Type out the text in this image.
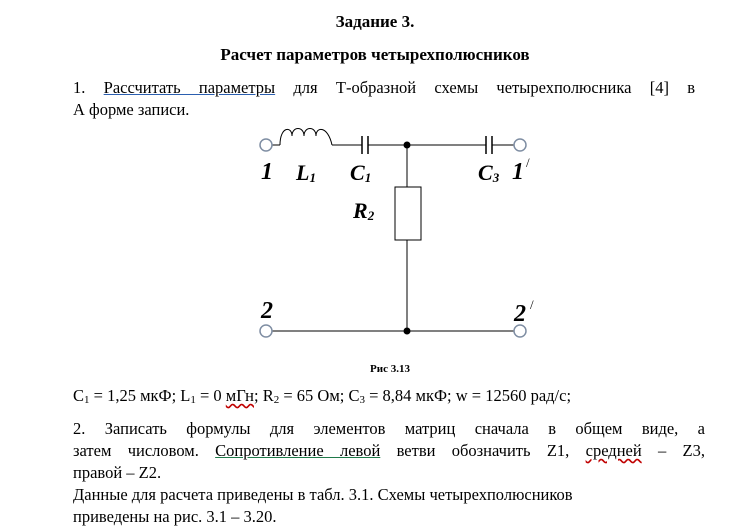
Задание 3.
Расчет параметров четырехполюсников
1. Рассчитать параметры для Т-образной схемы четырехполюсника [4] в
А форме записи.
1 L1 C1	C3 1 /
R2
2	2 /
Рис 3.13
$C_1 = 1,25$ мкФ; $L_1 = 0$ мГн; $R_2 = 65$ Ом; $C_3 = 8,84$ мкФ; w = 12560 рад/с;
2. Записать формулы для элементов матриц сначала в общем виде, а
затем числовом. Сопротивление левой ветви обозначить Z1, средней – Z3,
правой – Z2.
Данные для расчета приведены в табл. 3.1. Схемы четырехполюсников
приведены на рис. 3.1 – 3.20.
